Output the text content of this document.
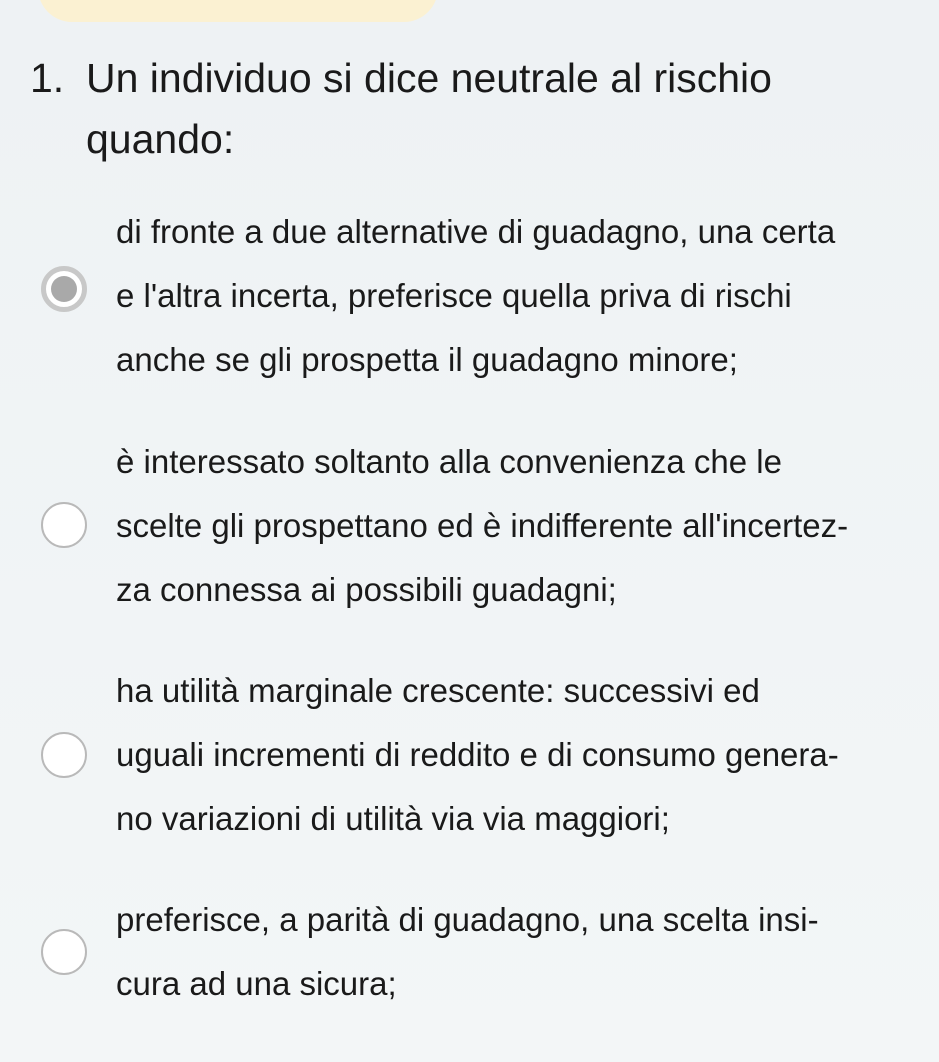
1. Un individuo si dice neutrale al rischio
quando:
di fronte a due alternative di guadagno, una certa
e l'altra incerta, preferisce quella priva di rischi
anche se gli prospetta il guadagno minore;
è interessato soltanto alla convenienza che le
scelte gli prospettano ed è indifferente all'incertez-
za connessa ai possibili guadagni;
ha utilità marginale crescente: successivi ed
uguali incrementi di reddito e di consumo genera-
no variazioni di utilità via via maggiori;
preferisce, a parità di guadagno, una scelta insi-
cura ad una sicura;
